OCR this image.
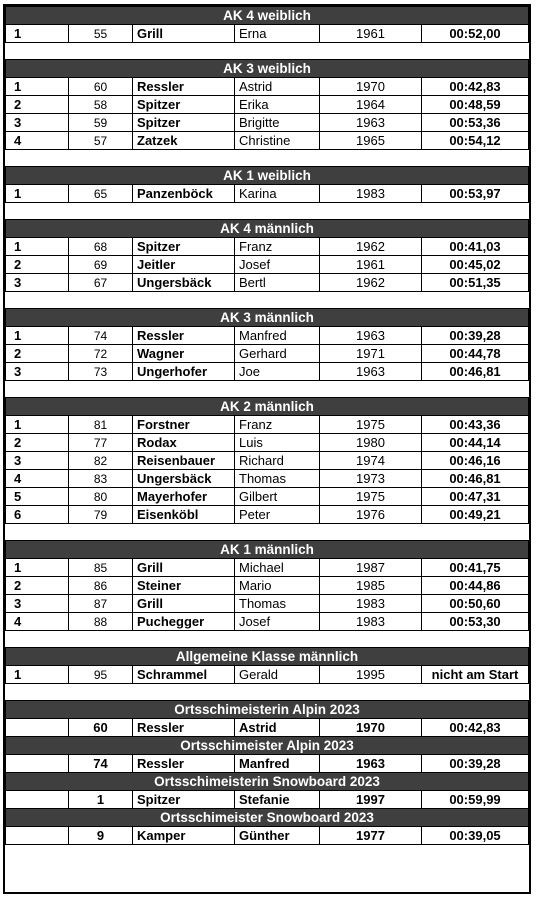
AK 4 weiblich					
1	55	Grill	Erna	1961	00:52,00

AK 3 weiblich					
1	60	Ressler	Astrid	1970	00:42,83
2	58	Spitzer	Erika	1964	00:48,59
3	59	Spitzer	Brigitte	1963	00:53,36
4	57	Zatzek	Christine	1965	00:54,12

AK 1 weiblich					
1	65	Panzenböck	Karina	1983	00:53,97

AK 4 männlich					
1	68	Spitzer	Franz	1962	00:41,03
2	69	Jeitler	Josef	1961	00:45,02
3	67	Ungersbäck	Bertl	1962	00:51,35

AK 3 männlich					
1	74	Ressler	Manfred	1963	00:39,28
2	72	Wagner	Gerhard	1971	00:44,78
3	73	Ungerhofer	Joe	1963	00:46,81

AK 2 männlich					
1	81	Forstner	Franz	1975	00:43,36
2	77	Rodax	Luis	1980	00:44,14
3	82	Reisenbauer	Richard	1974	00:46,16
4	83	Ungersbäck	Thomas	1973	00:46,81
5	80	Mayerhofer	Gilbert	1975	00:47,31
6	79	Eisenköbl	Peter	1976	00:49,21

AK 1 männlich					
1	85	Grill	Michael	1987	00:41,75
2	86	Steiner	Mario	1985	00:44,86
3	87	Grill	Thomas	1983	00:50,60
4	88	Puchegger	Josef	1983	00:53,30

Allgemeine Klasse männlich					
1	95	Schrammel	Gerald	1995	nicht am Start

Ortsschimeisterin Alpin 2023					
	60	Ressler	Astrid	1970	00:42,83
Ortsschimeister Alpin 2023					
	74	Ressler	Manfred	1963	00:39,28
Ortsschimeisterin Snowboard 2023					
	1	Spitzer	Stefanie	1997	00:59,99
Ortsschimeister Snowboard 2023					
	9	Kamper	Günther	1977	00:39,05
